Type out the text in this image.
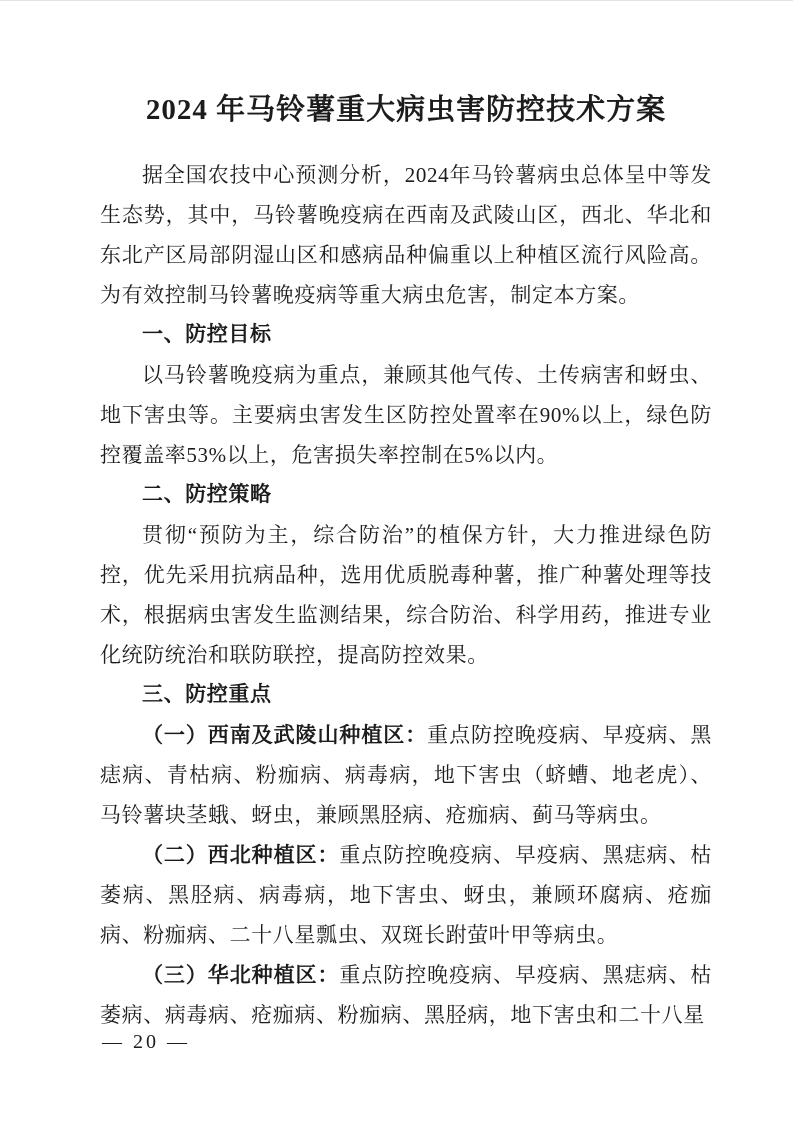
2024 年马铃薯重大病虫害防控技术方案
据全国农技中心预测分析，2024年马铃薯病虫总体呈中等发生态势，其中，马铃薯晚疫病在西南及武陵山区，西北、华北和东北产区局部阴湿山区和感病品种偏重以上种植区流行风险高。为有效控制马铃薯晚疫病等重大病虫危害，制定本方案。
一、防控目标
以马铃薯晚疫病为重点，兼顾其他气传、土传病害和蚜虫、地下害虫等。主要病虫害发生区防控处置率在90%以上，绿色防控覆盖率53%以上，危害损失率控制在5%以内。
二、防控策略
贯彻“预防为主，综合防治”的植保方针，大力推进绿色防控，优先采用抗病品种，选用优质脱毒种薯，推广种薯处理等技术，根据病虫害发生监测结果，综合防治、科学用药，推进专业化统防统治和联防联控，提高防控效果。
三、防控重点
（一）西南及武陵山种植区：重点防控晚疫病、早疫病、黑痣病、青枯病、粉痂病、病毒病，地下害虫（蛴螬、地老虎）、马铃薯块茎蛾、蚜虫，兼顾黑胫病、疮痂病、蓟马等病虫。
（二）西北种植区：重点防控晚疫病、早疫病、黑痣病、枯萎病、黑胫病、病毒病，地下害虫、蚜虫，兼顾环腐病、疮痂病、粉痂病、二十八星瓢虫、双斑长跗萤叶甲等病虫。
（三）华北种植区：重点防控晚疫病、早疫病、黑痣病、枯萎病、病毒病、疮痂病、粉痂病、黑胫病，地下害虫和二十八星
— 20 —
